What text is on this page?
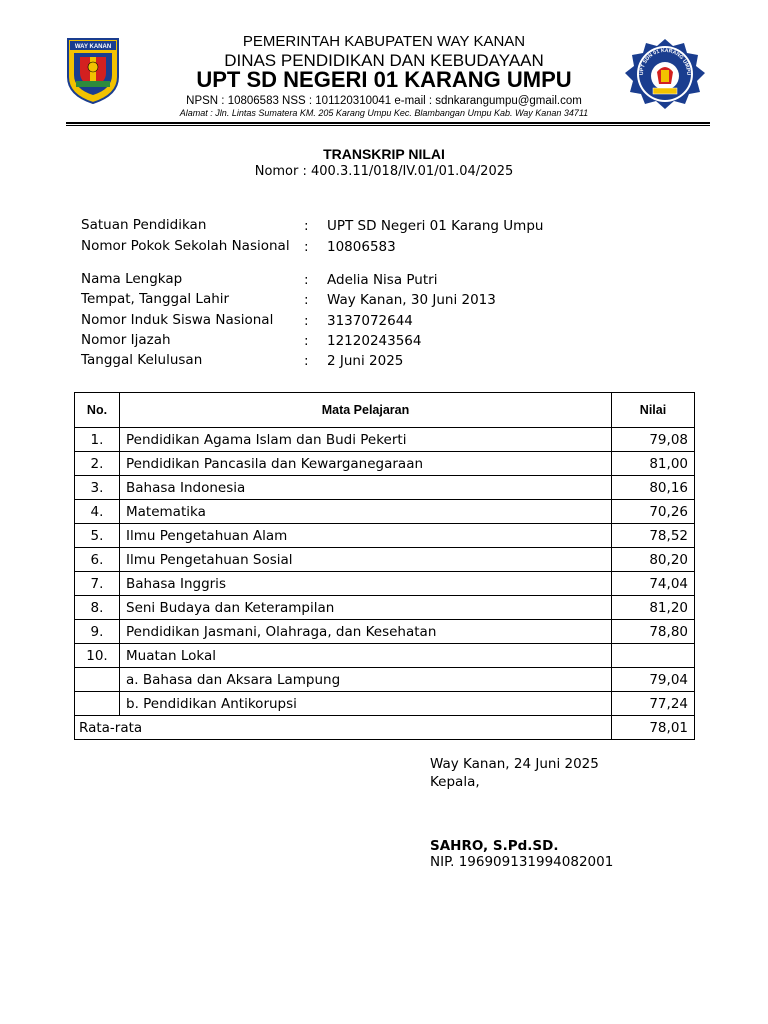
WAY KANAN
UPT SDN 01 KARANG UMPU
PEMERINTAH KABUPATEN WAY KANAN
DINAS PENDIDIKAN DAN KEBUDAYAAN
UPT SD NEGERI 01 KARANG UMPU
NPSN : 10806583 NSS : 101120310041 e-mail : sdnkarangumpu@gmail.com
Alamat : Jln. Lintas Sumatera KM. 205 Karang Umpu Kec. Blambangan Umpu Kab. Way Kanan 34711
TRANSKRIP NILAI
Nomor : 400.3.11/018/IV.01/01.04/2025
Satuan Pendidikan	: UPT SD Negeri 01 Karang Umpu
Nomor Pokok Sekolah Nasional	: 10806583
Nama Lengkap	: Adelia Nisa Putri
Tempat, Tanggal Lahir	: Way Kanan, 30 Juni 2013
Nomor Induk Siswa Nasional	: 3137072644
Nomor Ijazah	: 12120243564
Tanggal Kelulusan	: 2 Juni 2025
No.	Mata Pelajaran	Nilai
1.	Pendidikan Agama Islam dan Budi Pekerti	79,08
2.	Pendidikan Pancasila dan Kewarganegaraan	81,00
3.	Bahasa Indonesia	80,16
4.	Matematika	70,26
5.	Ilmu Pengetahuan Alam	78,52
6.	Ilmu Pengetahuan Sosial	80,20
7.	Bahasa Inggris	74,04
8.	Seni Budaya dan Keterampilan	81,20
9.	Pendidikan Jasmani, Olahraga, dan Kesehatan	78,80
10.	Muatan Lokal	
	a. Bahasa dan Aksara Lampung	79,04
	b. Pendidikan Antikorupsi	77,24
Rata-rata		78,01
Way Kanan, 24 Juni 2025
Kepala,
SAHRO, S.Pd.SD.
NIP. 196909131994082001
